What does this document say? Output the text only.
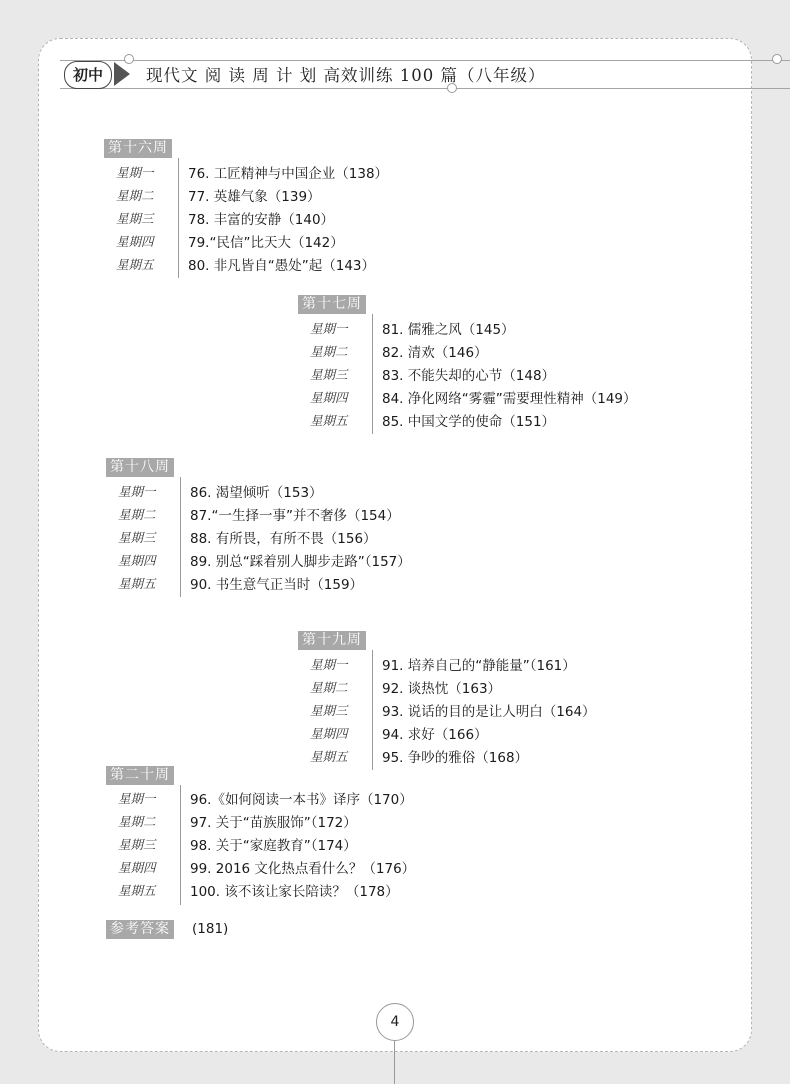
初中	现代文 阅 读 周 计 划 高效训练 100 篇（八年级）
第十六周
星期一	76. 工匠精神与中国企业（138）
星期二	77. 英雄气象（139）
星期三	78. 丰富的安静（140）
星期四	79.“民信”比天大（142）
星期五	80. 非凡皆自“愚处”起（143）
第十七周
星期一	81. 儒雅之风（145）
星期二	82. 清欢（146）
星期三	83. 不能失却的心节（148）
星期四	84. 净化网络“雾霾”需要理性精神（149）
星期五	85. 中国文学的使命（151）
第十八周
星期一	86. 渴望倾听（153）
星期二	87.“一生择一事”并不奢侈（154）
星期三	88. 有所畏，有所不畏（156）
星期四	89. 别总“踩着别人脚步走路”（157）
星期五	90. 书生意气正当时（159）
第十九周
星期一	91. 培养自己的“静能量”（161）
星期二	92. 谈热忱（163）
星期三	93. 说话的目的是让人明白（164）
星期四	94. 求好（166）
星期五	95. 争吵的雅俗（168）
第二十周
星期一	96.《如何阅读一本书》译序（170）
星期二	97. 关于“苗族服饰”（172）
星期三	98. 关于“家庭教育”（174）
星期四	99. 2016 文化热点看什么？（176）
星期五	100. 该不该让家长陪读？（178）
参考答案 (181)
4
